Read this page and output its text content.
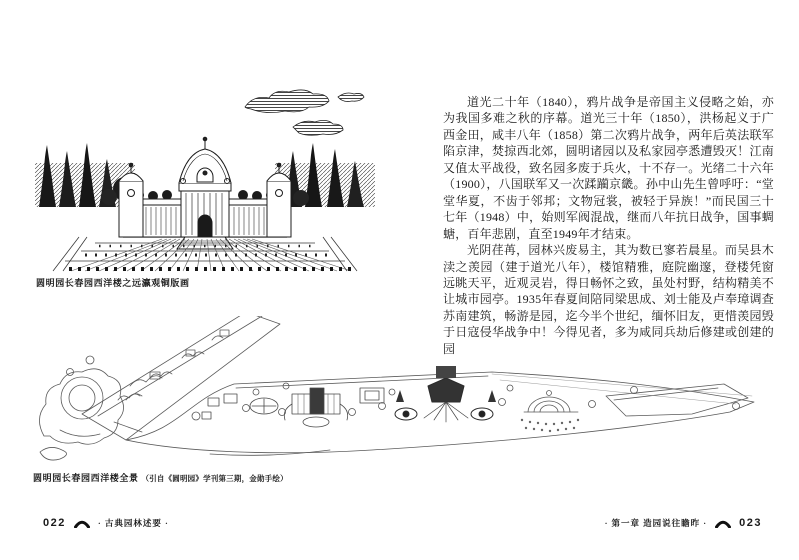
圆明园长春园西洋楼之远瀛观铜版画

道光二十年（1840），鸦片战争是帝国主义侵略之始，亦为我国多难之秋的序幕。道光三十年（1850），洪杨起义于广西金田，咸丰八年（1858）第二次鸦片战争，两年后英法联军陷京津，焚掠西北郊，圆明诸园以及私家园亭悉遭毁灭！江南又值太平战役，致名园多废于兵火，十不存一。光绪二十六年（1900），八国联军又一次蹂躏京畿。孙中山先生曾呼吁：“堂堂华夏，不齿于邻邦；文物冠裳，被轻于异族！”而民国三十七年（1948）中，始则军阀混战，继而八年抗日战争，国事蜩螗，百年悲剧，直至1949年才结束。

光阴荏苒，园林兴废易主，其为数已寥若晨星。而吴县木渎之羡园（建于道光八年），楼馆精雅，庭院幽邃，登楼凭窗远眺天平，近观灵岩，得日畅怀之致，虽处村野，结构精美不让城市园亭。1935年春夏间陪同梁思成、刘士能及卢奉璋调查苏南建筑，畅游是园，迄今半个世纪，缅怀旧友，更惜羡园毁于日寇侵华战争中！今得见者，多为咸同兵劫后修建或创建的园

圆明园长春园西洋楼全景 （引自《圆明园》学刊第三期，金勋手绘）
022	· 古典园林述要 ·	· 第一章 造园说往瞻昨 ·	023
